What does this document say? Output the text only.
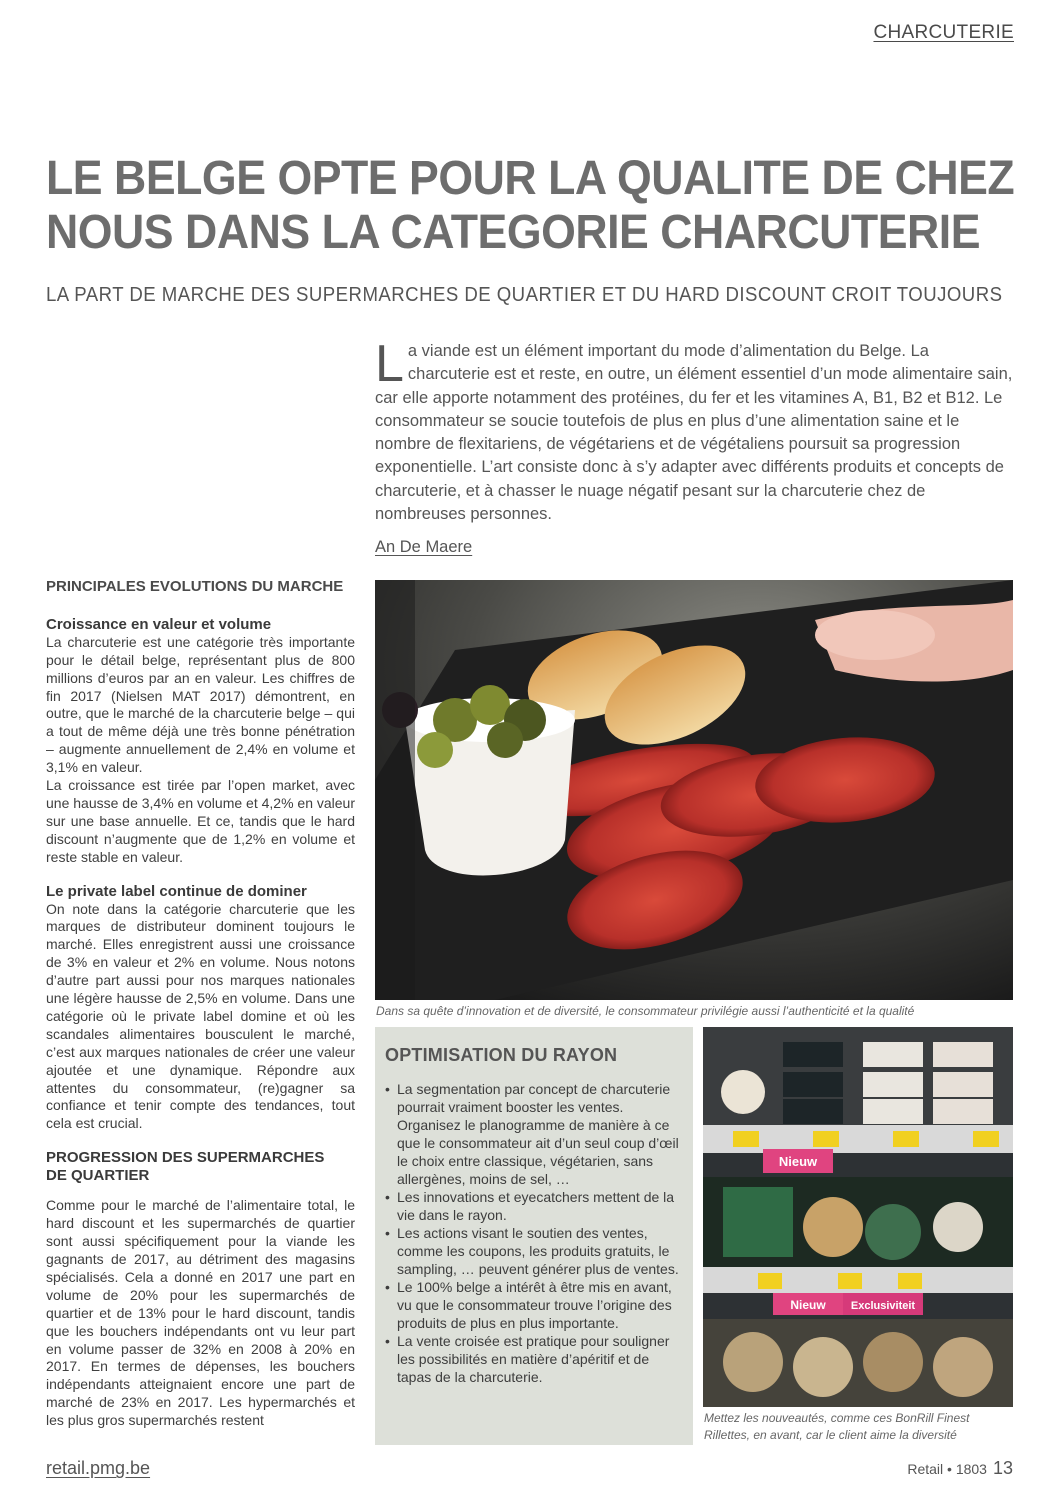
CHARCUTERIE
LE BELGE OPTE POUR LA QUALITE DE CHEZ
NOUS DANS LA CATEGORIE CHARCUTERIE
LA PART DE MARCHE DES SUPERMARCHES DE QUARTIER ET DU HARD DISCOUNT CROIT TOUJOURS
La viande est un élément important du mode d’alimentation du Belge. La charcuterie est et reste, en outre, un élément essentiel d’un mode alimentaire sain, car elle apporte notamment des protéines, du fer et les vitamines A, B1, B2 et B12. Le consommateur se soucie toutefois de plus en plus d’une alimentation saine et le nombre de flexitariens, de végétariens et de végétaliens poursuit sa progression exponentielle. L’art consiste donc à s’y adapter avec différents produits et concepts de charcuterie, et à chasser le nuage négatif pesant sur la charcuterie chez de nombreuses personnes.
An De Maere
PRINCIPALES EVOLUTIONS DU MARCHE
Croissance en valeur et volume

La charcuterie est une catégorie très importante pour le détail belge, représentant plus de 800 millions d’euros par an en valeur. Les chiffres de fin 2017 (Nielsen MAT 2017) démontrent, en outre, que le marché de la charcuterie belge – qui a tout de même déjà une très bonne pénétration – augmente annuellement de 2,4% en volume et 3,1% en valeur.

La croissance est tirée par l’open market, avec une hausse de 3,4% en volume et 4,2% en valeur sur une base annuelle. Et ce, tandis que le hard discount n’augmente que de 1,2% en volume et reste stable en valeur.

Le private label continue de dominer

On note dans la catégorie charcuterie que les marques de distributeur dominent toujours le marché. Elles enregistrent aussi une croissance de 3% en valeur et 2% en volume. Nous notons d’autre part aussi pour nos marques nationales une légère hausse de 2,5% en volume. Dans une catégorie où le private label domine et où les scandales alimentaires bousculent le marché, c’est aux marques nationales de créer une valeur ajoutée et une dynamique. Répondre aux attentes du consommateur, (re)gagner sa confiance et tenir compte des tendances, tout cela est crucial.

PROGRESSION DES SUPERMARCHES
DE QUARTIER

Comme pour le marché de l’alimentaire total, le hard discount et les supermarchés de quartier sont aussi spécifiquement pour la viande les gagnants de 2017, au détriment des magasins spécialisés. Cela a donné en 2017 une part en volume de 20% pour les supermarchés de quartier et de 13% pour le hard discount, tandis que les bouchers indépendants ont vu leur part en volume passer de 32% en 2008 à 20% en 2017. En termes de dépenses, les bouchers indépendants atteignaient encore une part de marché de 23% en 2017. Les hypermarchés et les plus gros supermarchés restent

Dans sa quête d’innovation et de diversité, le consommateur privilégie aussi l’authenticité et la qualité
OPTIMISATION DU RAYON
• La segmentation par concept de charcuterie pourrait vraiment booster les ventes. Organisez le planogramme de manière à ce que le consommateur ait d’un seul coup d’œil le choix entre classique, végétarien, sans allergènes, moins de sel, …
• Les innovations et eyecatchers mettent de la vie dans le rayon.
• Les actions visant le soutien des ventes, comme les coupons, les produits gratuits, le sampling, … peuvent générer plus de ventes.
• Le 100% belge a intérêt à être mis en avant, vu que le consommateur trouve l’origine des produits de plus en plus importante.
• La vente croisée est pratique pour souligner les possibilités en matière d’apéritif et de tapas de la charcuterie.
Nieuw
Nieuw Exclusiviteit
Mettez les nouveautés, comme ces BonRill Finest Rillettes, en avant, car le client aime la diversité
retail.pmg.be	Retail • 1803 13
